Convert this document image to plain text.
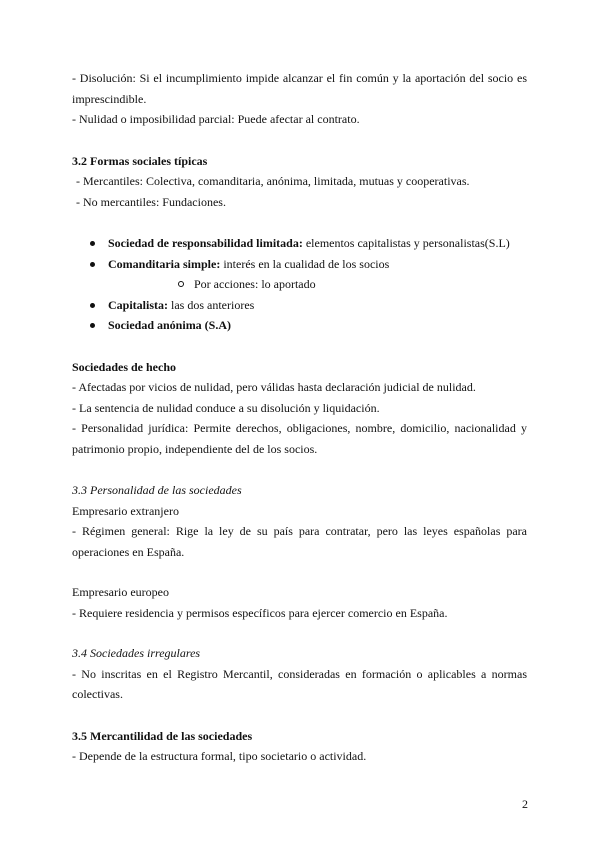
- Disolución: Si el incumplimiento impide alcanzar el fin común y la aportación del socio es imprescindible.

- Nulidad o imposibilidad parcial: Puede afectar al contrato.

3.2 Formas sociales típicas

- Mercantiles: Colectiva, comanditaria, anónima, limitada, mutuas y cooperativas.

- No mercantiles: Fundaciones.

Sociedad de responsabilidad limitada: elementos capitalistas y personalistas(S.L)
Comanditaria simple: interés en la cualidad de los socios
Por acciones: lo aportado
Capitalista: las dos anteriores
Sociedad anónima (S.A)
Sociedades de hecho

- Afectadas por vicios de nulidad, pero válidas hasta declaración judicial de nulidad.

- La sentencia de nulidad conduce a su disolución y liquidación.

- Personalidad jurídica: Permite derechos, obligaciones, nombre, domicilio, nacionalidad y patrimonio propio, independiente del de los socios.

3.3 Personalidad de las sociedades

Empresario extranjero

- Régimen general: Rige la ley de su país para contratar, pero las leyes españolas para operaciones en España.

Empresario europeo

- Requiere residencia y permisos específicos para ejercer comercio en España.

3.4 Sociedades irregulares

- No inscritas en el Registro Mercantil, consideradas en formación o aplicables a normas colectivas.

3.5 Mercantilidad de las sociedades

- Depende de la estructura formal, tipo societario o actividad.

2
